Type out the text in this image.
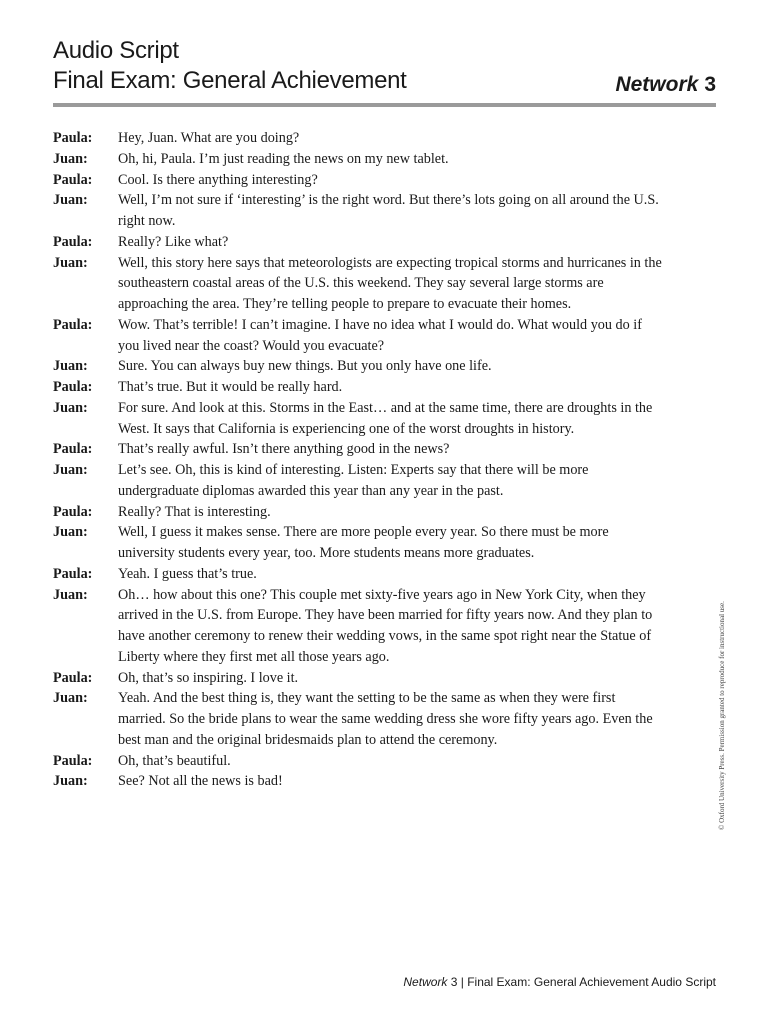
Audio Script
Final Exam: General Achievement	Network 3
Paula:	Hey, Juan. What are you doing?
Juan:	Oh, hi, Paula. I’m just reading the news on my new tablet.
Paula:	Cool. Is there anything interesting?
Juan:	Well, I’m not sure if ‘interesting’ is the right word. But there’s lots going on all around the U.S. right now.
Paula:	Really? Like what?
Juan:	Well, this story here says that meteorologists are expecting tropical storms and hurricanes in the southeastern coastal areas of the U.S. this weekend. They say several large storms are approaching the area. They’re telling people to prepare to evacuate their homes.
Paula:	Wow. That’s terrible! I can’t imagine. I have no idea what I would do. What would you do if you lived near the coast? Would you evacuate?
Juan:	Sure. You can always buy new things. But you only have one life.
Paula:	That’s true. But it would be really hard.
Juan:	For sure. And look at this. Storms in the East… and at the same time, there are droughts in the West. It says that California is experiencing one of the worst droughts in history.
Paula:	That’s really awful. Isn’t there anything good in the news?
Juan:	Let’s see. Oh, this is kind of interesting. Listen: Experts say that there will be more undergraduate diplomas awarded this year than any year in the past.
Paula:	Really? That is interesting.
Juan:	Well, I guess it makes sense. There are more people every year. So there must be more university students every year, too. More students means more graduates.
Paula:	Yeah. I guess that’s true.
Juan:	Oh… how about this one? This couple met sixty-five years ago in New York City, when they arrived in the U.S. from Europe. They have been married for fifty years now. And they plan to have another ceremony to renew their wedding vows, in the same spot right near the Statue of Liberty where they first met all those years ago.
Paula:	Oh, that’s so inspiring. I love it.
Juan:	Yeah. And the best thing is, they want the setting to be the same as when they were first married. So the bride plans to wear the same wedding dress she wore fifty years ago. Even the best man and the original bridesmaids plan to attend the ceremony.
Paula:	Oh, that’s beautiful.
Juan:	See? Not all the news is bad!	© Oxford University Press. Permission granted to reproduce for instructional use.
Network 3 | Final Exam: General Achievement Audio Script
